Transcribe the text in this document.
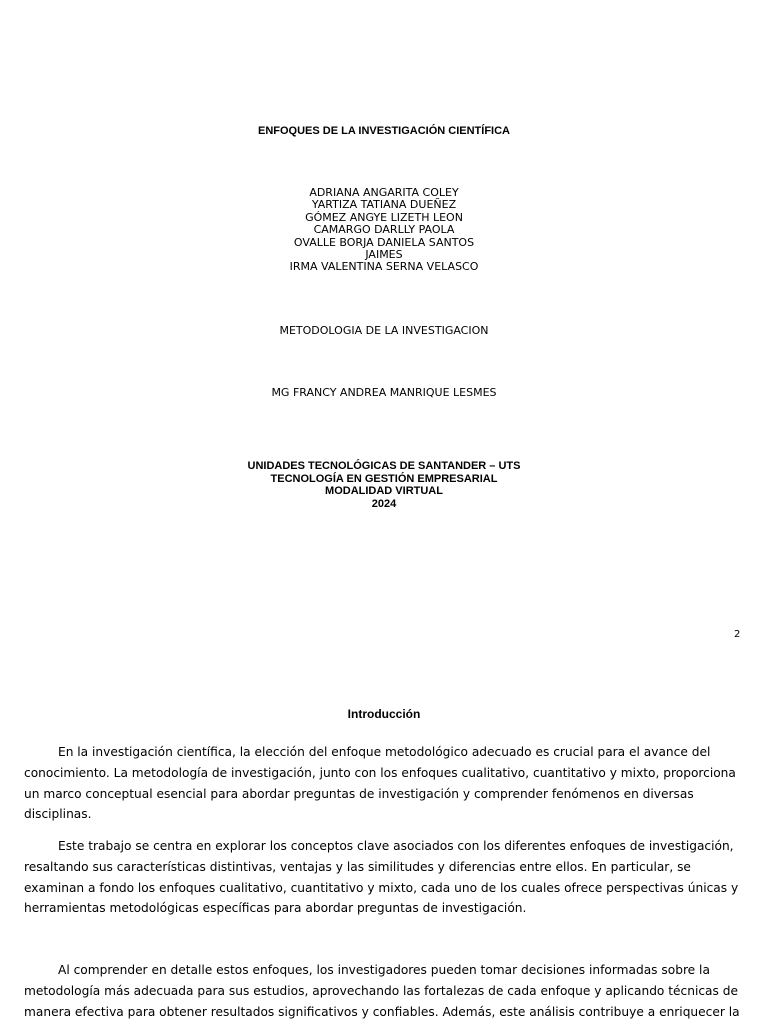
ENFOQUES DE LA INVESTIGACIÓN CIENTÍFICA
ADRIANA ANGARITA COLEY
YARTIZA TATIANA DUEÑEZ
GÓMEZ ANGYE LIZETH LEON
CAMARGO DARLLY PAOLA
OVALLE BORJA DANIELA SANTOS
JAIMES
IRMA VALENTINA SERNA VELASCO
METODOLOGIA DE LA INVESTIGACION
MG FRANCY ANDREA MANRIQUE LESMES
UNIDADES TECNOLÓGICAS DE SANTANDER – UTS
TECNOLOGÍA EN GESTIÓN EMPRESARIAL
MODALIDAD VIRTUAL
2024
2
Introducción

En la investigación científica, la elección del enfoque metodológico adecuado es crucial para el avance del conocimiento. La metodología de investigación, junto con los enfoques cualitativo, cuantitativo y mixto, proporciona un marco conceptual esencial para abordar preguntas de investigación y comprender fenómenos en diversas disciplinas.

Este trabajo se centra en explorar los conceptos clave asociados con los diferentes enfoques de investigación, resaltando sus características distintivas, ventajas y las similitudes y diferencias entre ellos. En particular, se examinan a fondo los enfoques cualitativo, cuantitativo y mixto, cada uno de los cuales ofrece perspectivas únicas y herramientas metodológicas específicas para abordar preguntas de investigación.

Al comprender en detalle estos enfoques, los investigadores pueden tomar decisiones informadas sobre la metodología más adecuada para sus estudios, aprovechando las fortalezas de cada enfoque y aplicando técnicas de manera efectiva para obtener resultados significativos y confiables. Además, este análisis contribuye a enriquecer la
